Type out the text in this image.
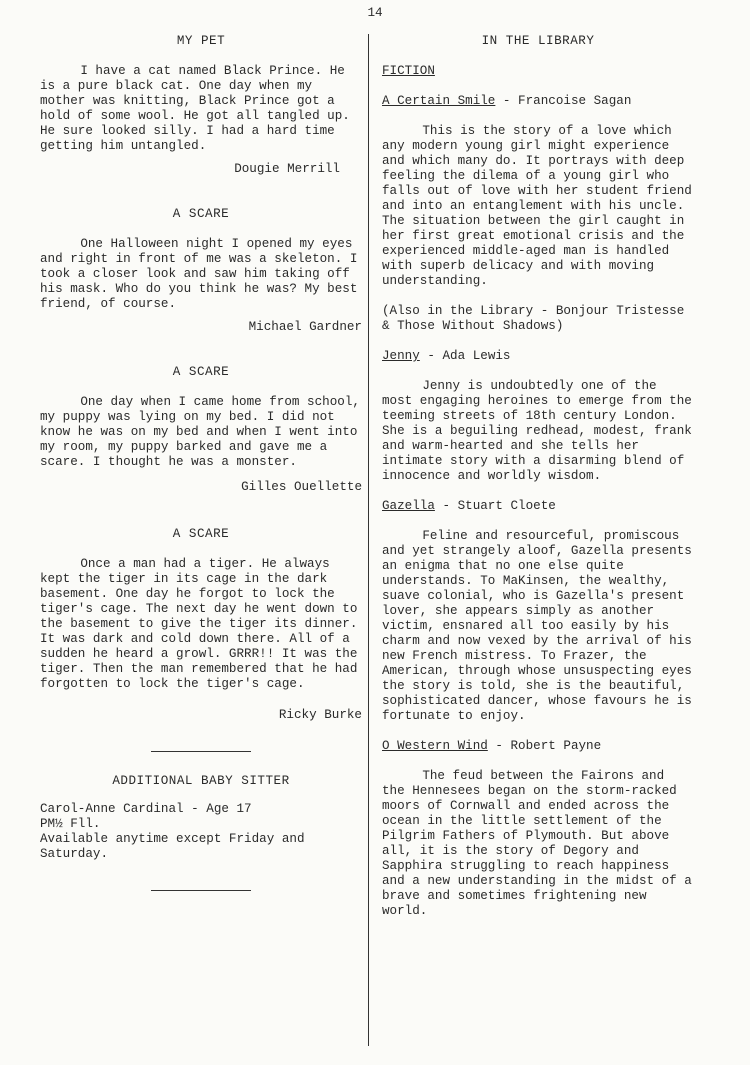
14
MY PET

I have a cat named Black Prince. He is a pure black cat. One day when my mother was knitting, Black Prince got a hold of some wool. He got all tangled up. He sure looked silly. I had a hard time getting him untangled.

Dougie Merrill
A SCARE

One Halloween night I opened my eyes and right in front of me was a skeleton. I took a closer look and saw him taking off his mask. Who do you think he was? My best friend, of course.

Michael Gardner
A SCARE

One day when I came home from school, my puppy was lying on my bed. I did not know he was on my bed and when I went into my room, my puppy barked and gave me a scare. I thought he was a monster.

Gilles Ouellette
A SCARE

Once a man had a tiger. He always kept the tiger in its cage in the dark basement. One day he forgot to lock the tiger's cage. The next day he went down to the basement to give the tiger its dinner. It was dark and cold down there. All of a sudden he heard a growl. GRRR!! It was the tiger. Then the man remembered that he had forgotten to lock the tiger's cage.

Ricky Burke
ADDITIONAL BABY SITTER
Carol-Anne Cardinal - Age 17
PM½ Fll.
Available anytime except Friday and
Saturday.
IN THE LIBRARY
FICTION
A Certain Smile - Francoise Sagan

This is the story of a love which any modern young girl might experience and which many do. It portrays with deep feeling the dilema of a young girl who falls out of love with her student friend and into an entanglement with his uncle. The situation between the girl caught in her first great emotional crisis and the experienced middle-aged man is handled with superb delicacy and with moving understanding.

(Also in the Library - Bonjour Tristesse & Those Without Shadows)
Jenny - Ada Lewis

Jenny is undoubtedly one of the most engaging heroines to emerge from the teeming streets of 18th century London. She is a beguiling redhead, modest, frank and warm-hearted and she tells her intimate story with a disarming blend of innocence and worldly wisdom.

Gazella - Stuart Cloete

Feline and resourceful, promiscous and yet strangely aloof, Gazella presents an enigma that no one else quite understands. To MaKinsen, the wealthy, suave colonial, who is Gazella's present lover, she appears simply as another victim, ensnared all too easily by his charm and now vexed by the arrival of his new French mistress. To Frazer, the American, through whose unsuspecting eyes the story is told, she is the beautiful, sophisticated dancer, whose favours he is fortunate to enjoy.

O Western Wind - Robert Payne

The feud between the Fairons and the Hennesees began on the storm-racked moors of Cornwall and ended across the ocean in the little settlement of the Pilgrim Fathers of Plymouth. But above all, it is the story of Degory and Sapphira struggling to reach happiness and a new understanding in the midst of a brave and sometimes frightening new world.
